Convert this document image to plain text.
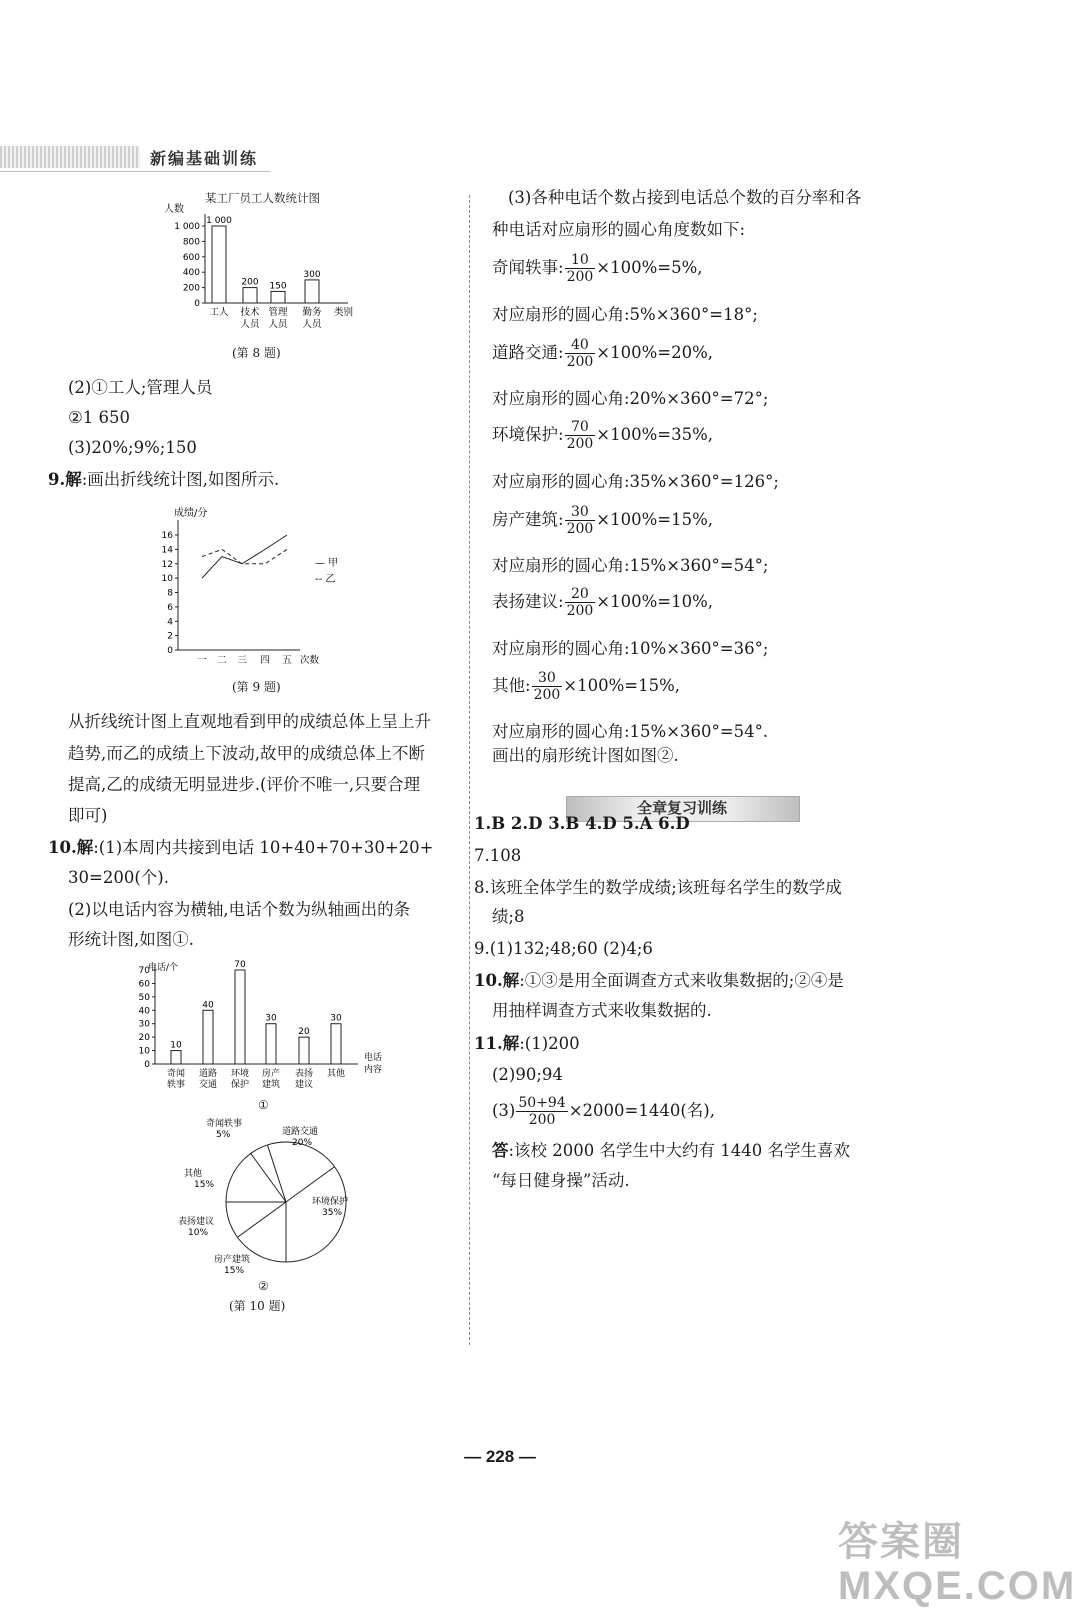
新编基础训练
某工厂员工人数统计图
人数
1 000
800
600
400
200
0
1 000
工人
200
技术
人员
150
管理
人员
300
勤务
人员
类别
(第 8 题)
(2)①工人;管理人员
②1 650
(3)20%;9%;150
9.解:画出折线统计图,如图所示.
成绩/分
16
14
12
10
8
6
4
2
0
一 二 三 四 五 次数
— 甲
-- 乙
(第 9 题)
从折线统计图上直观地看到甲的成绩总体上呈上升
趋势,而乙的成绩上下波动,故甲的成绩总体上不断
提高,乙的成绩无明显进步.(评价不唯一,只要合理
即可)
10.解:(1)本周内共接到电话 10+40+70+30+20+
30=200(个).
(2)以电话内容为横轴,电话个数为纵轴画出的条
形统计图,如图①.
电话/个
70
60
50
40
30
20
10
0
10
奇闻
轶事
40
道路
交通
70
环境
保护
30
房产
建筑
20
表扬
建议
30
其他
电话
内容
①
奇闻轶事
5%	道路交通
20%
环境保护
35%
房产建筑
15%
表扬建议
10%
其他
15%
②
(第 10 题)
(3)各种电话个数占接到电话总个数的百分率和各
种电话对应扇形的圆心角度数如下:
奇闻轶事: $\frac{10}{200} \times 100\%=5\%$,
对应扇形的圆心角:5%×360°=18°;
道路交通: $\frac{40}{200} \times 100\%=20\%$,
对应扇形的圆心角:20%×360°=72°;
环境保护: $\frac{70}{200} \times 100\%=35\%$,
对应扇形的圆心角:35%×360°=126°;
房产建筑: $\frac{30}{200} \times 100\%=15\%$,
对应扇形的圆心角:15%×360°=54°;
表扬建议: $\frac{20}{200} \times 100\%=10\%$,
对应扇形的圆心角:10%×360°=36°;
其他: $\frac{30}{200} \times 100\%=15\%$,
对应扇形的圆心角:15%×360°=54°.
画出的扇形统计图如图②.
全章复习训练
1.B 2.D 3.B 4.D 5.A 6.D
7.108
8.该班全体学生的数学成绩;该班每名学生的数学成
绩;8
9.(1)132;48;60 (2)4;6
10.解:①③是用全面调查方式来收集数据的;②④是
用抽样调查方式来收集数据的.
11.解:(1)200
(2)90;94
$(3) \frac{50+94}{200} \times 2000=1440$(名),
答:该校 2000 名学生中大约有 1440 名学生喜欢
“每日健身操”活动.
— 228 —
答案圈 MXQE.COM
